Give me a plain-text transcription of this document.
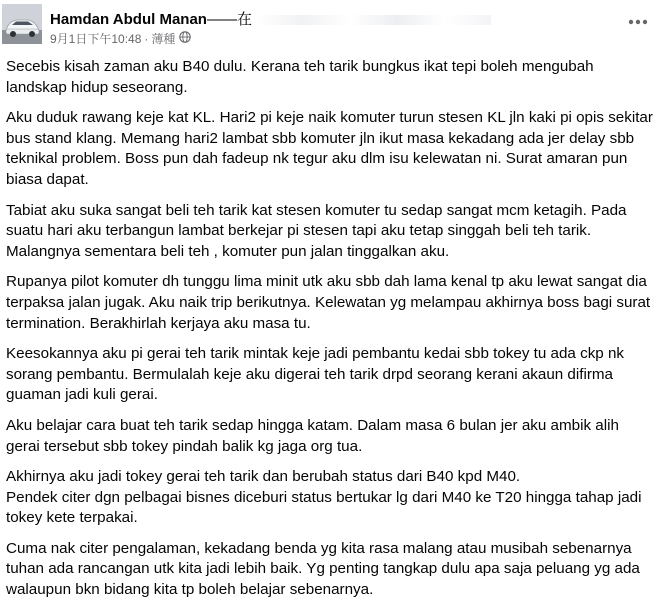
Hamdan Abdul Manan——在
9月1日下午10:48 · 薄種

Secebis kisah zaman aku B40 dulu. Kerana teh tarik bungkus ikat tepi boleh mengubah landskap hidup seseorang.

Aku duduk rawang keje kat KL. Hari2 pi keje naik komuter turun stesen KL jln kaki pi opis sekitar bus stand klang. Memang hari2 lambat sbb komuter jln ikut masa kekadang ada jer delay sbb teknikal problem. Boss pun dah fadeup nk tegur aku dlm isu kelewatan ni. Surat amaran pun biasa dapat.

Tabiat aku suka sangat beli teh tarik kat stesen komuter tu sedap sangat mcm ketagih. Pada suatu hari aku terbangun lambat berkejar pi stesen tapi aku tetap singgah beli teh tarik. Malangnya sementara beli teh , komuter pun jalan tinggalkan aku.

Rupanya pilot komuter dh tunggu lima minit utk aku sbb dah lama kenal tp aku lewat sangat dia terpaksa jalan jugak. Aku naik trip berikutnya. Kelewatan yg melampau akhirnya boss bagi surat termination. Berakhirlah kerjaya aku masa tu.

Keesokannya aku pi gerai teh tarik mintak keje jadi pembantu kedai sbb tokey tu ada ckp nk sorang pembantu. Bermulalah keje aku digerai teh tarik drpd seorang kerani akaun difirma guaman jadi kuli gerai.

Aku belajar cara buat teh tarik sedap hingga katam. Dalam masa 6 bulan jer aku ambik alih gerai tersebut sbb tokey pindah balik kg jaga org tua.

Akhirnya aku jadi tokey gerai teh tarik dan berubah status dari B40 kpd M40.

Pendek citer dgn pelbagai bisnes diceburi status bertukar lg dari M40 ke T20 hingga tahap jadi tokey kete terpakai.

Cuma nak citer pengalaman, kekadang benda yg kita rasa malang atau musibah sebenarnya tuhan ada rancangan utk kita jadi lebih baik. Yg penting tangkap dulu apa saja peluang yg ada walaupun bkn bidang kita tp boleh belajar sebenarnya.
